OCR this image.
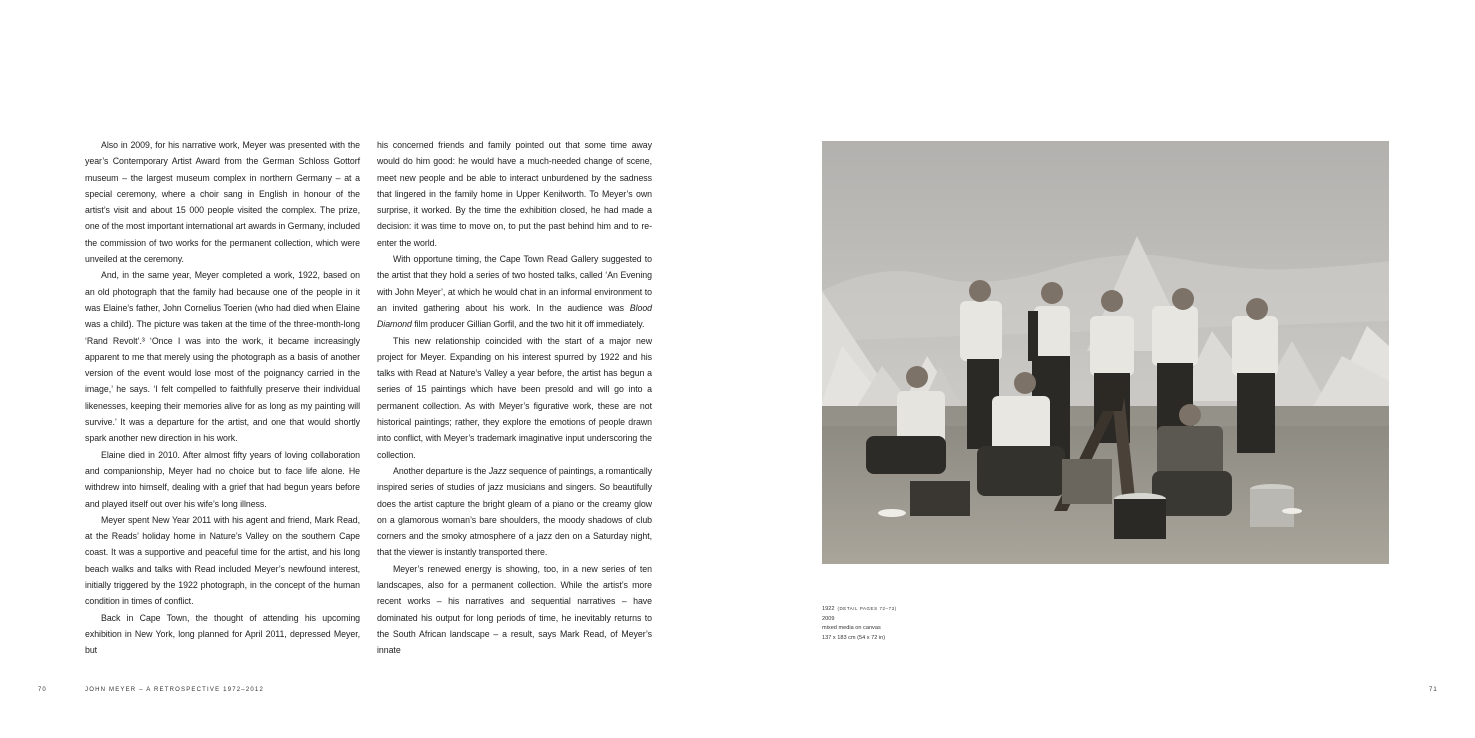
Also in 2009, for his narrative work, Meyer was presented with the year’s Contemporary Artist Award from the German Schloss Gottorf museum – the largest museum complex in northern Germany – at a special ceremony, where a choir sang in English in honour of the artist’s visit and about 15 000 people visited the complex. The prize, one of the most important international art awards in Germany, included the commission of two works for the permanent collection, which were unveiled at the ceremony.

And, in the same year, Meyer completed a work, 1922, based on an old photograph that the family had because one of the people in it was Elaine’s father, John Cornelius Toerien (who had died when Elaine was a child). The picture was taken at the time of the three-month-long ‘Rand Revolt’.³ ‘Once I was into the work, it became increasingly apparent to me that merely using the photograph as a basis of another version of the event would lose most of the poignancy carried in the image,’ he says. ‘I felt compelled to faithfully preserve their individual likenesses, keeping their memories alive for as long as my painting will survive.’ It was a departure for the artist, and one that would shortly spark another new direction in his work.

Elaine died in 2010. After almost fifty years of loving collaboration and companionship, Meyer had no choice but to face life alone. He withdrew into himself, dealing with a grief that had begun years before and played itself out over his wife’s long illness.

Meyer spent New Year 2011 with his agent and friend, Mark Read, at the Reads’ holiday home in Nature’s Valley on the southern Cape coast. It was a supportive and peaceful time for the artist, and his long beach walks and talks with Read included Meyer’s newfound interest, initially triggered by the 1922 photograph, in the concept of the human condition in times of conflict.

Back in Cape Town, the thought of attending his upcoming exhibition in New York, long planned for April 2011, depressed Meyer, but

his concerned friends and family pointed out that some time away would do him good: he would have a much-needed change of scene, meet new people and be able to interact unburdened by the sadness that lingered in the family home in Upper Kenilworth. To Meyer’s own surprise, it worked. By the time the exhibition closed, he had made a decision: it was time to move on, to put the past behind him and to re-enter the world.

With opportune timing, the Cape Town Read Gallery suggested to the artist that they hold a series of two hosted talks, called ‘An Evening with John Meyer’, at which he would chat in an informal environment to an invited gathering about his work. In the audience was Blood Diamond film producer Gillian Gorfil, and the two hit it off immediately.

This new relationship coincided with the start of a major new project for Meyer. Expanding on his interest spurred by 1922 and his talks with Read at Nature’s Valley a year before, the artist has begun a series of 15 paintings which have been presold and will go into a permanent collection. As with Meyer’s figurative work, these are not historical paintings; rather, they explore the emotions of people drawn into conflict, with Meyer’s trademark imaginative input underscoring the collection.

Another departure is the Jazz sequence of paintings, a romantically inspired series of studies of jazz musicians and singers. So beautifully does the artist capture the bright gleam of a piano or the creamy glow on a glamorous woman’s bare shoulders, the moody shadows of club corners and the smoky atmosphere of a jazz den on a Saturday night, that the viewer is instantly transported there.

Meyer’s renewed energy is showing, too, in a new series of ten landscapes, also for a permanent collection. While the artist’s more recent works – his narratives and sequential narratives – have dominated his output for long periods of time, he inevitably returns to the South African landscape – a result, says Mark Read, of Meyer’s innate

70	JOHN MEYER – A RETROSPECTIVE 1972–2012
1922 (DETAIL PAGES 72–73)
2009
mixed media on canvas
137 x 183 cm (54 x 72 in)
71
